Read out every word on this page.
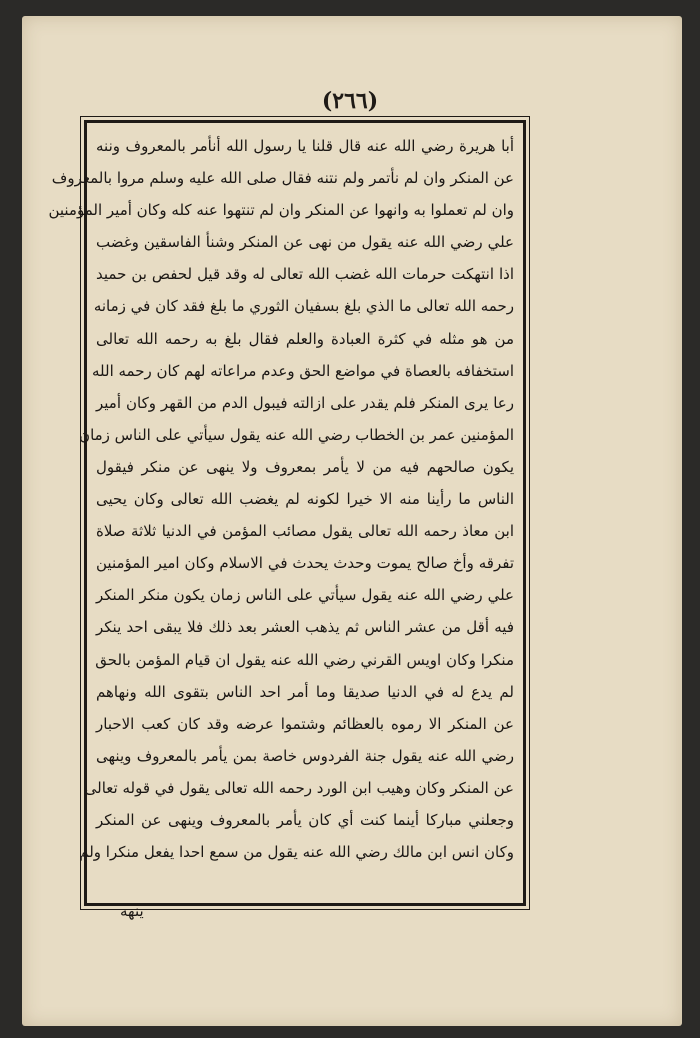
(٢٦٦)
أبا هريرة رضي الله عنه قال قلنا يا رسول الله أنأمر بالمعروف وننه
عن المنكر وان لم نأتمر ولم نتنه فقال صلى الله عليه وسلم مروا بالمعروف
وان لم تعملوا به وانهوا عن المنكر وان لم تنتهوا عنه كله وكان أمير المؤمنين
علي رضي الله عنه يقول من نهى عن المنكر وشنأ الفاسقين وغضب
اذا انتهكت حرمات الله غضب الله تعالى له وقد قيل لحفص بن حميد
رحمه الله تعالى ما الذي بلغ بسفيان الثوري ما بلغ فقد كان في زمانه
من هو مثله في كثرة العبادة والعلم فقال بلغ به رحمه الله تعالى
استخفافه بالعصاة في مواضع الحق وعدم مراعاته لهم كان رحمه الله
رعا يرى المنكر فلم يقدر على ازالته فيبول الدم من القهر وكان أمير
المؤمنين عمر بن الخطاب رضي الله عنه يقول سيأتي على الناس زمان
يكون صالحهم فيه من لا يأمر بمعروف ولا ينهى عن منكر فيقول
الناس ما رأينا منه الا خيرا لكونه لم يغضب الله تعالى وكان يحيى
ابن معاذ رحمه الله تعالى يقول مصائب المؤمن في الدنيا ثلاثة صلاة
تفرقه وأخ صالح يموت وحدث يحدث في الاسلام وكان امير المؤمنين
علي رضي الله عنه يقول سيأتي على الناس زمان يكون منكر المنكر
فيه أقل من عشر الناس ثم يذهب العشر بعد ذلك فلا يبقى احد ينكر
منكرا وكان اويس القرني رضي الله عنه يقول ان قيام المؤمن بالحق
لم يدع له في الدنيا صديقا وما أمر احد الناس بتقوى الله ونهاهم
عن المنكر الا رموه بالعظائم وشتموا عرضه وقد كان كعب الاحبار
رضي الله عنه يقول جنة الفردوس خاصة بمن يأمر بالمعروف وينهى
عن المنكر وكان وهيب ابن الورد رحمه الله تعالى يقول في قوله تعالى
وجعلني مباركا أينما كنت أي كان يأمر بالمعروف وينهى عن المنكر
وكان انس ابن مالك رضي الله عنه يقول من سمع احدا يفعل منكرا ولم
ينهه
